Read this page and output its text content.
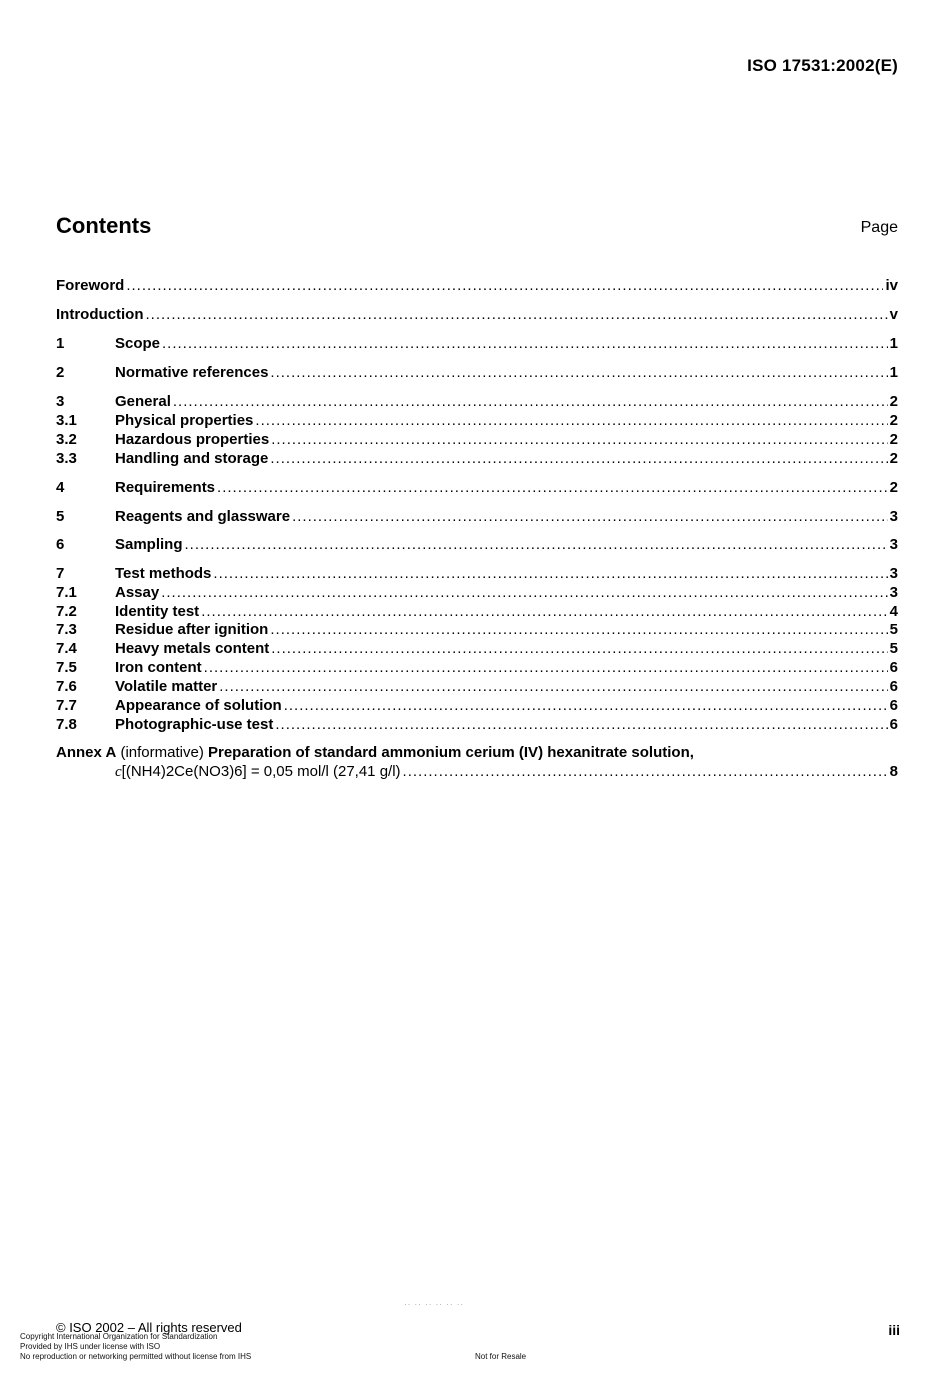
ISO 17531:2002(E)
Contents	Page
Foreword .....	iv
Introduction .....	v
1	Scope .....	1
2	Normative references .....	1
3	General .....	2
3.1	Physical properties .....	2
3.2	Hazardous properties .....	2
3.3	Handling and storage .....	2
4	Requirements .....	2
5	Reagents and glassware .....	3
6	Sampling .....	3
7	Test methods .....	3
7.1	Assay .....	3
7.2	Identity test .....	4
7.3	Residue after ignition .....	5
7.4	Heavy metals content .....	5
7.5	Iron content .....	6
7.6	Volatile matter .....	6
7.7	Appearance of solution .....	6
7.8	Photographic-use test .....	6
Annex A (informative) Preparation of standard ammonium cerium (IV) hexanitrate solution,
c[(NH4)2Ce(NO3)6] = 0,05 mol/l (27,41 g/l) .....	8
·· ·· ·· ·· ·· ··
© ISO 2002 – All rights reserved	iii
Copyright International Organization for Standardization
Provided by IHS under license with ISO
No reproduction or networking permitted without license from IHS	Not for Resale
